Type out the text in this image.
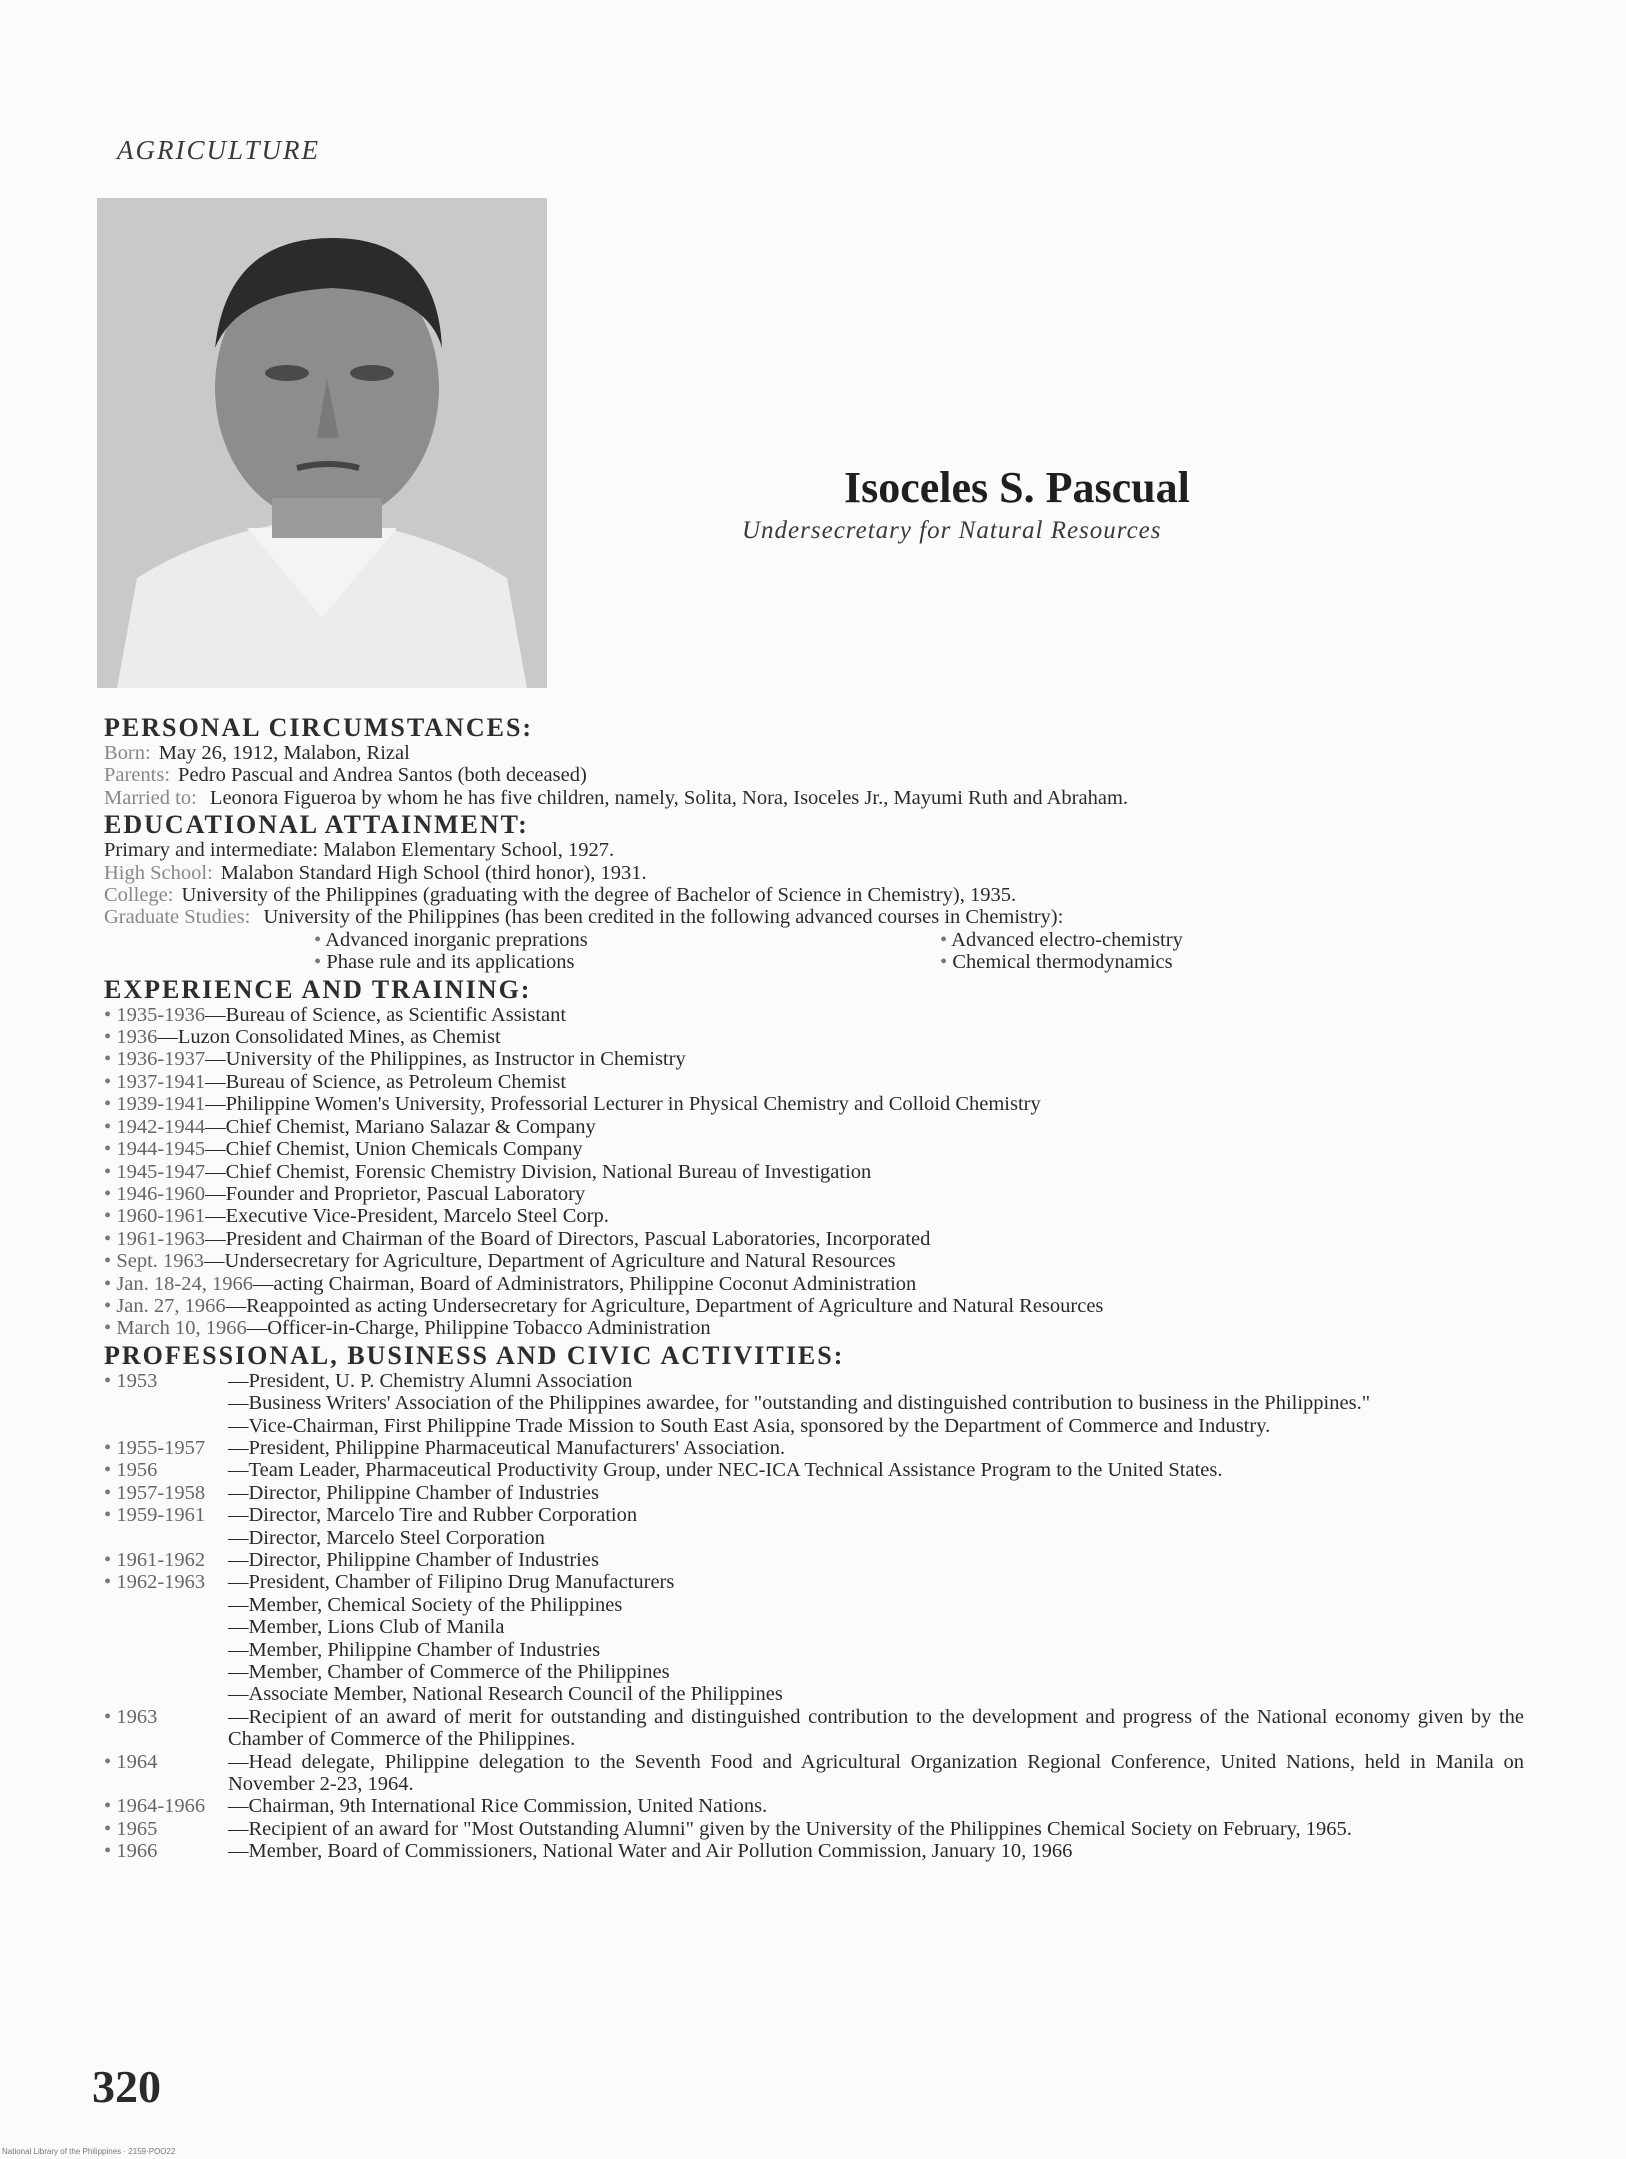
AGRICULTURE
Isoceles S. Pascual
Undersecretary for Natural Resources
PERSONAL CIRCUMSTANCES:
Born: May 26, 1912, Malabon, Rizal
Parents: Pedro Pascual and Andrea Santos (both deceased)
Married to: Leonora Figueroa by whom he has five children, namely, Solita, Nora, Isoceles Jr., Mayumi Ruth and Abraham.
EDUCATIONAL ATTAINMENT:
Primary and intermediate: Malabon Elementary School, 1927.
High School: Malabon Standard High School (third honor), 1931.
College: University of the Philippines (graduating with the degree of Bachelor of Science in Chemistry), 1935.
Graduate Studies: University of the Philippines (has been credited in the following advanced courses in Chemistry):
• Advanced inorganic preprations	• Advanced electro-chemistry
• Phase rule and its applications	• Chemical thermodynamics
EXPERIENCE AND TRAINING:
• 1935-1936—Bureau of Science, as Scientific Assistant
• 1936—Luzon Consolidated Mines, as Chemist
• 1936-1937—University of the Philippines, as Instructor in Chemistry
• 1937-1941—Bureau of Science, as Petroleum Chemist
• 1939-1941—Philippine Women's University, Professorial Lecturer in Physical Chemistry and Colloid Chemistry
• 1942-1944—Chief Chemist, Mariano Salazar & Company
• 1944-1945—Chief Chemist, Union Chemicals Company
• 1945-1947—Chief Chemist, Forensic Chemistry Division, National Bureau of Investigation
• 1946-1960—Founder and Proprietor, Pascual Laboratory
• 1960-1961—Executive Vice-President, Marcelo Steel Corp.
• 1961-1963—President and Chairman of the Board of Directors, Pascual Laboratories, Incorporated
• Sept. 1963—Undersecretary for Agriculture, Department of Agriculture and Natural Resources
• Jan. 18-24, 1966—acting Chairman, Board of Administrators, Philippine Coconut Administration
• Jan. 27, 1966—Reappointed as acting Undersecretary for Agriculture, Department of Agriculture and Natural Resources
• March 10, 1966—Officer-in-Charge, Philippine Tobacco Administration
PROFESSIONAL, BUSINESS AND CIVIC ACTIVITIES:
• 1953	—President, U. P. Chemistry Alumni Association
—Business Writers' Association of the Philippines awardee, for "outstanding and distinguished contribution to business in the Philippines."
—Vice-Chairman, First Philippine Trade Mission to South East Asia, sponsored by the Department of Commerce and Industry.
• 1955-1957	—President, Philippine Pharmaceutical Manufacturers' Association.
• 1956	—Team Leader, Pharmaceutical Productivity Group, under NEC-ICA Technical Assistance Program to the United States.
• 1957-1958	—Director, Philippine Chamber of Industries
• 1959-1961	—Director, Marcelo Tire and Rubber Corporation
—Director, Marcelo Steel Corporation
• 1961-1962	—Director, Philippine Chamber of Industries
• 1962-1963	—President, Chamber of Filipino Drug Manufacturers
—Member, Chemical Society of the Philippines
—Member, Lions Club of Manila
—Member, Philippine Chamber of Industries
—Member, Chamber of Commerce of the Philippines
—Associate Member, National Research Council of the Philippines
• 1963	—Recipient of an award of merit for outstanding and distinguished contribution to the development and progress of the National economy given by the Chamber of Commerce of the Philippines.
• 1964	—Head delegate, Philippine delegation to the Seventh Food and Agricultural Organization Regional Conference, United Nations, held in Manila on November 2-23, 1964.
• 1964-1966	—Chairman, 9th International Rice Commission, United Nations.
• 1965	—Recipient of an award for "Most Outstanding Alumni" given by the University of the Philippines Chemical Society on February, 1965.
• 1966	—Member, Board of Commissioners, National Water and Air Pollution Commission, January 10, 1966
320
National Library of the Philippines · 2159·POO22
